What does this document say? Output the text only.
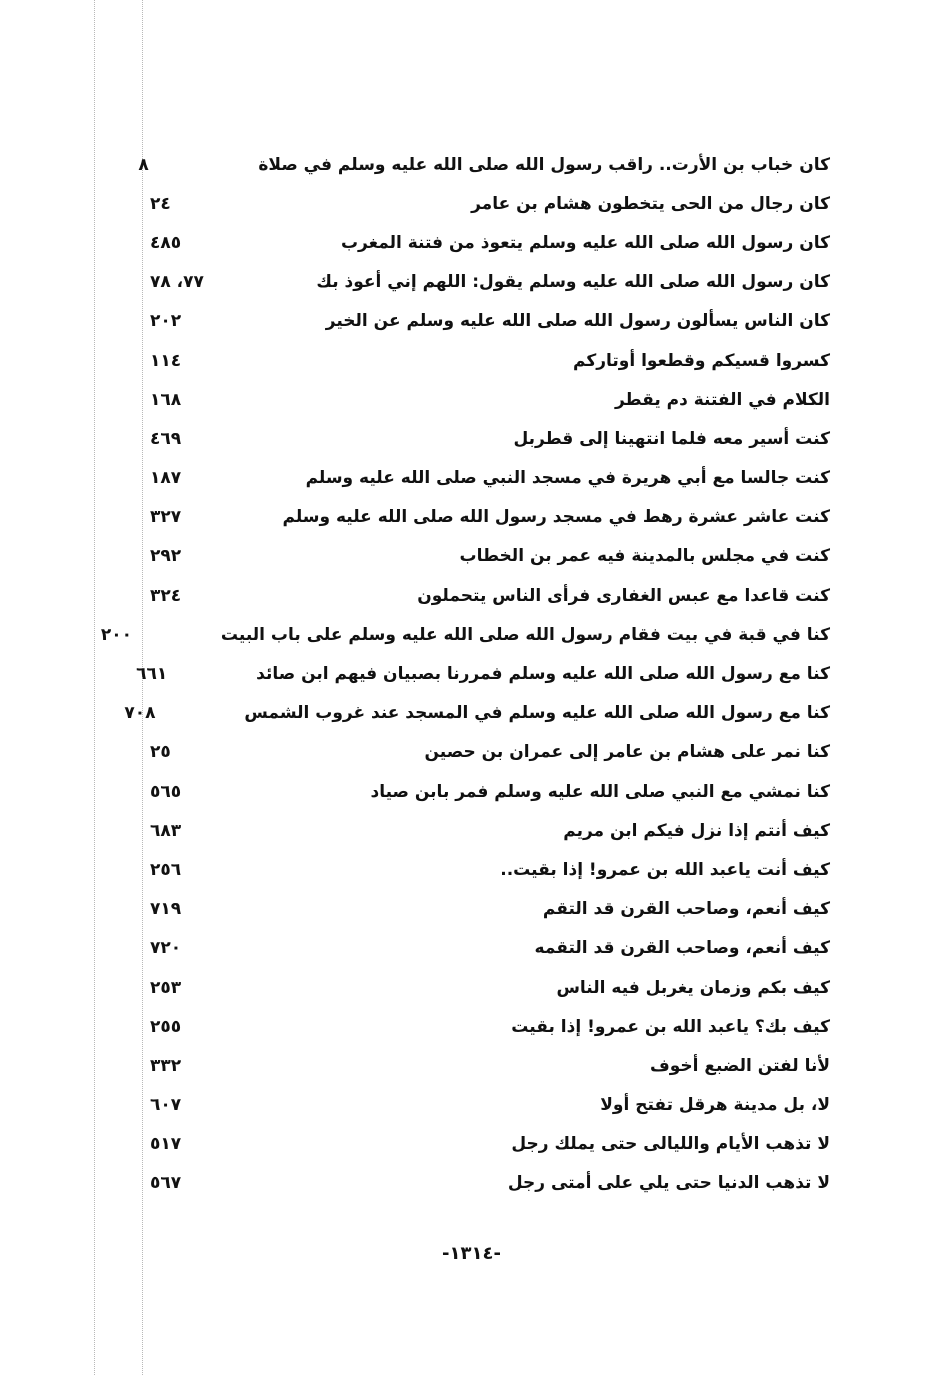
كان خباب بن الأرت.. راقب رسول الله صلى الله عليه وسلم في صلاة
٨
كان رجال من الحى يتخطون هشام بن عامر
٢٤
كان رسول الله صلى الله عليه وسلم يتعوذ من فتنة المغرب
٤٨٥
كان رسول الله صلى الله عليه وسلم يقول: اللهم إني أعوذ بك
٧٧، ٧٨
كان الناس يسألون رسول الله صلى الله عليه وسلم عن الخير
٢٠٢
كسروا قسيكم وقطعوا أوتاركم
١١٤
الكلام في الفتنة دم يقطر
١٦٨
كنت أسير معه فلما انتهينا إلى قطربل
٤٦٩
كنت جالسا مع أبي هريرة في مسجد النبي صلى الله عليه وسلم
١٨٧
كنت عاشر عشرة رهط في مسجد رسول الله صلى الله عليه وسلم
٣٢٧
كنت في مجلس بالمدينة فيه عمر بن الخطاب
٢٩٢
كنت قاعدا مع عبس الغفارى فرأى الناس يتحملون
٣٢٤
كنا في قبة في بيت فقام رسول الله صلى الله عليه وسلم على باب البيت
٢٠٠
كنا مع رسول الله صلى الله عليه وسلم فمررنا بصبيان فيهم ابن صائد
٦٦١
كنا مع رسول الله صلى الله عليه وسلم في المسجد عند غروب الشمس
٧٠٨
كنا نمر على هشام بن عامر إلى عمران بن حصين
٢٥
كنا نمشي مع النبي صلى الله عليه وسلم فمر بابن صياد
٥٦٥
كيف أنتم إذا نزل فيكم ابن مريم
٦٨٣
كيف أنت ياعبد الله بن عمرو! إذا بقيت..
٢٥٦
كيف أنعم، وصاحب القرن قد التقم
٧١٩
كيف أنعم، وصاحب القرن قد التقمه
٧٢٠
كيف بكم وزمان يغربل فيه الناس
٢٥٣
كيف بك؟ ياعبد الله بن عمرو! إذا بقيت
٢٥٥
لأنا لفتن الضبع أخوف
٣٣٢
لا، بل مدينة هرقل تفتح أولا
٦٠٧
لا تذهب الأيام والليالى حتى يملك رجل
٥١٧
لا تذهب الدنيا حتى يلي على أمتى رجل
٥٦٧
-١٣١٤-
